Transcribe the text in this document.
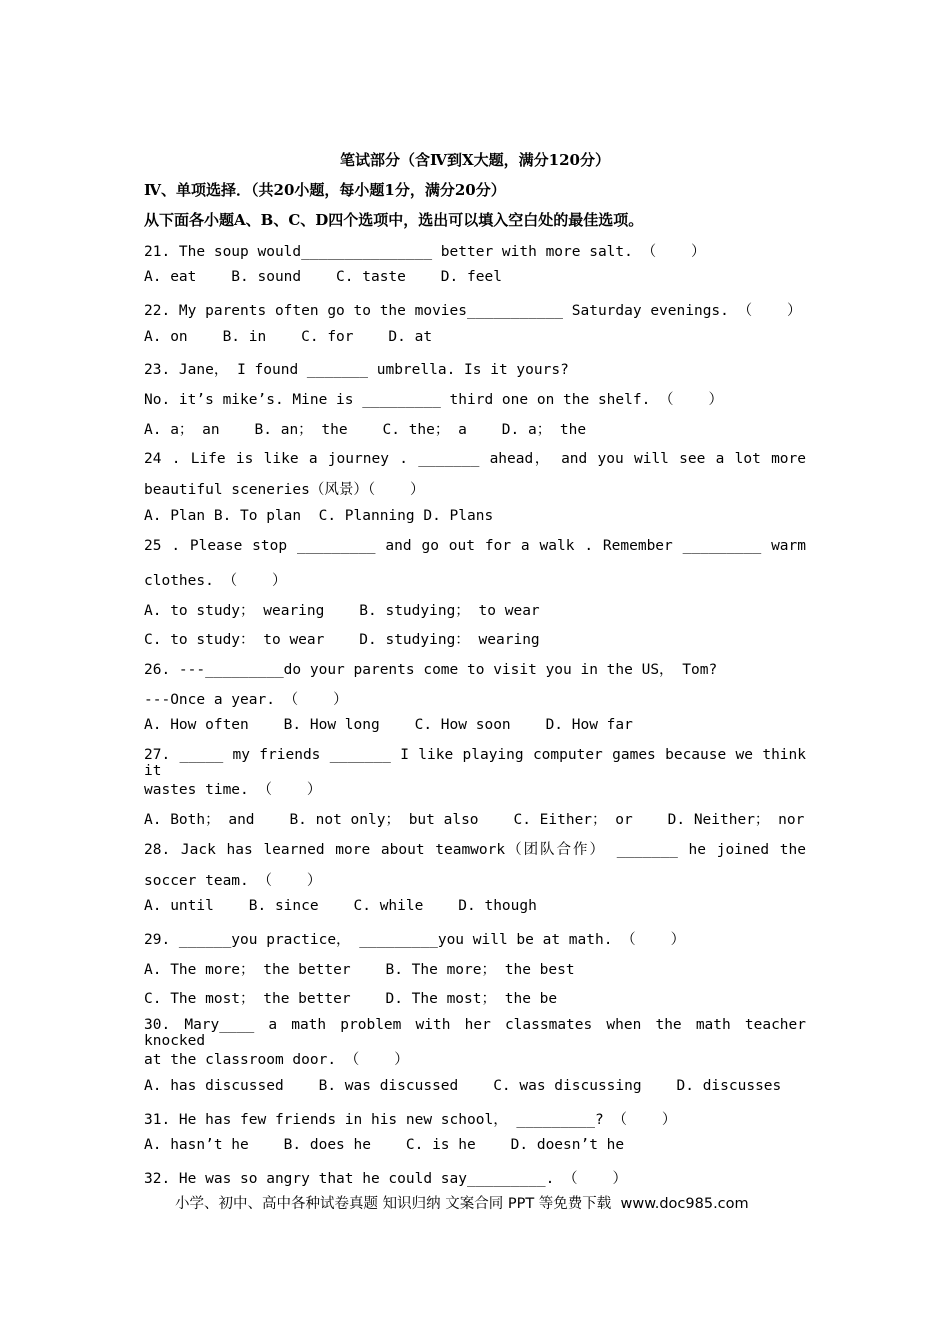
笔试部分（含Ⅳ到Ⅹ大题，满分120分）
Ⅳ、单项选择．（共20小题，每小题1分，满分20分）
从下面各小题A、B、C、D四个选项中，选出可以填入空白处的最佳选项。
21. The soup would_______________ better with more salt. （    ）
A. eat    B. sound    C. taste    D. feel
22. My parents often go to the movies___________ Saturday evenings. （    ）
A. on    B. in    C. for    D. at
23. Jane， I found _______ umbrella. Is it yours?
No. it’s mike’s. Mine is _________ third one on the shelf. （    ）
A. a； an    B. an； the    C. the； a    D. a； the
24 . Life is like a journey . _______ ahead， and you will see a lot more
beautiful sceneries（风景）（    ）
A. Plan B. To plan  C. Planning D. Plans
25 . Please stop _________ and go out for a walk . Remember _________ warm
clothes. （    ）
A. to study； wearing    B. studying； to wear
C. to study： to wear    D. studying： wearing
26. ---_________do your parents come to visit you in the US， Tom?
---Once a year. （    ）
A. How often    B. How long    C. How soon    D. How far
27. _____ my friends _______ I like playing computer games because we think it
wastes time. （    ）
A. Both； and    B. not only； but also    C. Either； or    D. Neither； nor
28. Jack has learned more about teamwork（团队合作） _______ he joined the
soccer team. （    ）
A. until    B. since    C. while    D. though
29. ______you practice， _________you will be at math. （    ）
A. The more； the better    B. The more； the best
C. The most； the better    D. The most； the be
30. Mary____ a math problem with her classmates when the math teacher knocked
at the classroom door. （    ）
A. has discussed    B. was discussed    C. was discussing    D. discusses
31. He has few friends in his new school， _________? （    ）
A. hasn’t he    B. does he    C. is he    D. doesn’t he
32. He was so angry that he could say_________. （    ）
小学、初中、高中各种试卷真题 知识归纳 文案合同 PPT 等免费下载  www.doc985.com
